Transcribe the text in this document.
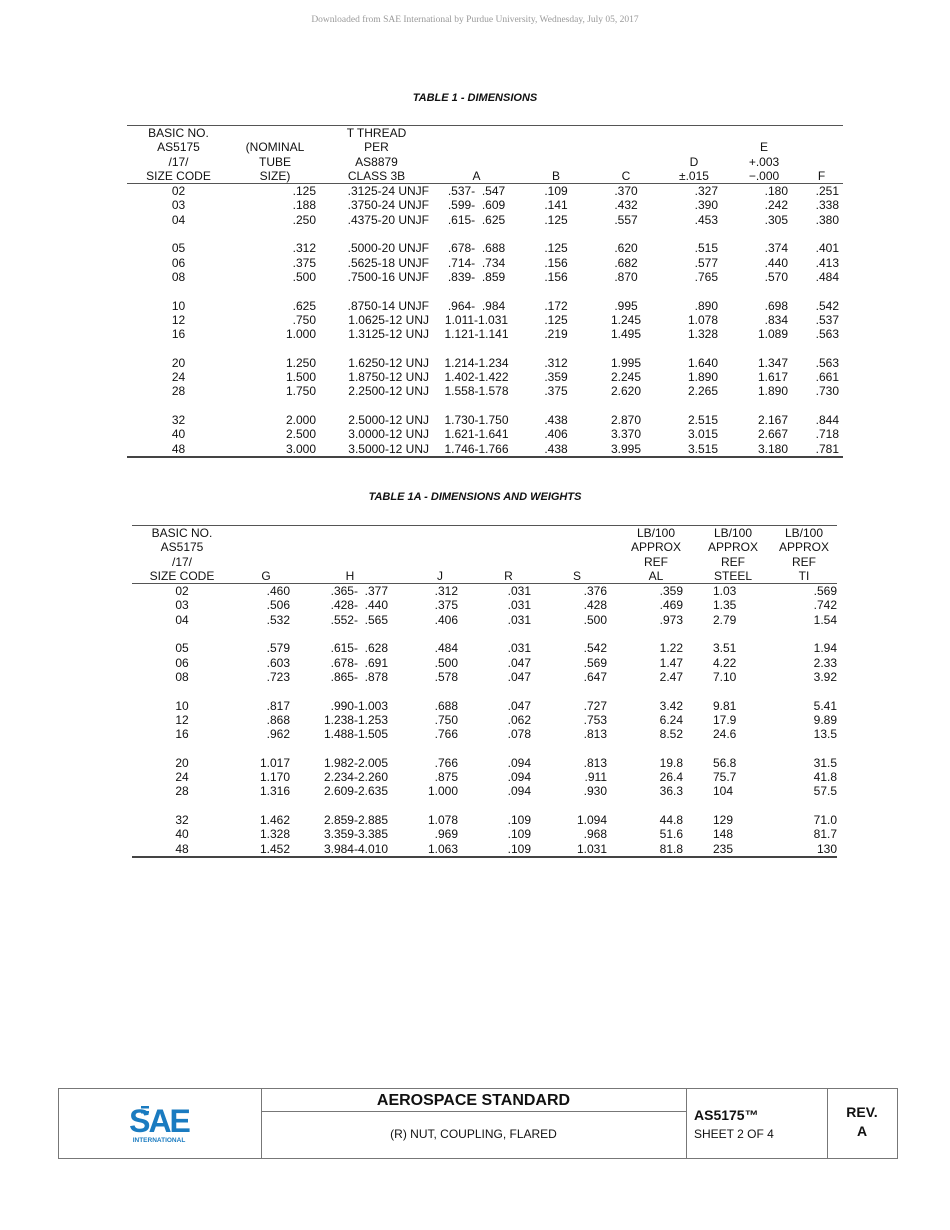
Downloaded from SAE International by Purdue University, Wednesday, July 05, 2017
TABLE 1 - DIMENSIONS
BASIC NO.		T THREAD						
AS5175	(NOMINAL	PER					E	
/17/	TUBE	AS8879				D	+.003	
SIZE CODE	SIZE)	CLASS 3B	A	B	C	±.015	−.000	F
02	.125	.3125-24 UNJF	.537-  .547	.109	.370	.327	.180	.251
03	.188	.3750-24 UNJF	.599-  .609	.141	.432	.390	.242	.338
04	.250	.4375-20 UNJF	.615-  .625	.125	.557	.453	.305	.380

05	.312	.5000-20 UNJF	.678-  .688	.125	.620	.515	.374	.401
06	.375	.5625-18 UNJF	.714-  .734	.156	.682	.577	.440	.413
08	.500	.7500-16 UNJF	.839-  .859	.156	.870	.765	.570	.484

10	.625	.8750-14 UNJF	.964-  .984	.172	.995	.890	.698	.542
12	.750	1.0625-12 UNJ	1.011-1.031	.125	1.245	1.078	.834	.537
16	1.000	1.3125-12 UNJ	1.121-1.141	.219	1.495	1.328	1.089	.563

20	1.250	1.6250-12 UNJ	1.214-1.234	.312	1.995	1.640	1.347	.563
24	1.500	1.8750-12 UNJ	1.402-1.422	.359	2.245	1.890	1.617	.661
28	1.750	2.2500-12 UNJ	1.558-1.578	.375	2.620	2.265	1.890	.730

32	2.000	2.5000-12 UNJ	1.730-1.750	.438	2.870	2.515	2.167	.844
40	2.500	3.0000-12 UNJ	1.621-1.641	.406	3.370	3.015	2.667	.718
48	3.000	3.5000-12 UNJ	1.746-1.766	.438	3.995	3.515	3.180	.781
TABLE 1A - DIMENSIONS AND WEIGHTS
BASIC NO.						LB/100	LB/100	LB/100
AS5175						APPROX	APPROX	APPROX
/17/						REF	REF	REF
SIZE CODE	G	H	J	R	S	AL	STEEL	TI
02	.460	.365-  .377	.312	.031	.376	.359	1.03	.569
03	.506	.428-  .440	.375	.031	.428	.469	1.35	.742
04	.532	.552-  .565	.406	.031	.500	.973	2.79	1.54

05	.579	.615-  .628	.484	.031	.542	1.22	3.51	1.94
06	.603	.678-  .691	.500	.047	.569	1.47	4.22	2.33
08	.723	.865-  .878	.578	.047	.647	2.47	7.10	3.92

10	.817	.990-1.003	.688	.047	.727	3.42	9.81	5.41
12	.868	1.238-1.253	.750	.062	.753	6.24	17.9	9.89
16	.962	1.488-1.505	.766	.078	.813	8.52	24.6	13.5

20	1.017	1.982-2.005	.766	.094	.813	19.8	56.8	31.5
24	1.170	2.234-2.260	.875	.094	.911	26.4	75.7	41.8
28	1.316	2.609-2.635	1.000	.094	.930	36.3	104	57.5

32	1.462	2.859-2.885	1.078	.109	1.094	44.8	129	71.0
40	1.328	3.359-3.385	.969	.109	.968	51.6	148	81.7
48	1.452	3.984-4.010	1.063	.109	1.031	81.8	235	130
SAE
INTERNATIONAL
AEROSPACE STANDARD
(R) NUT, COUPLING, FLARED
AS5175™
SHEET 2 OF 4
REV.
A
